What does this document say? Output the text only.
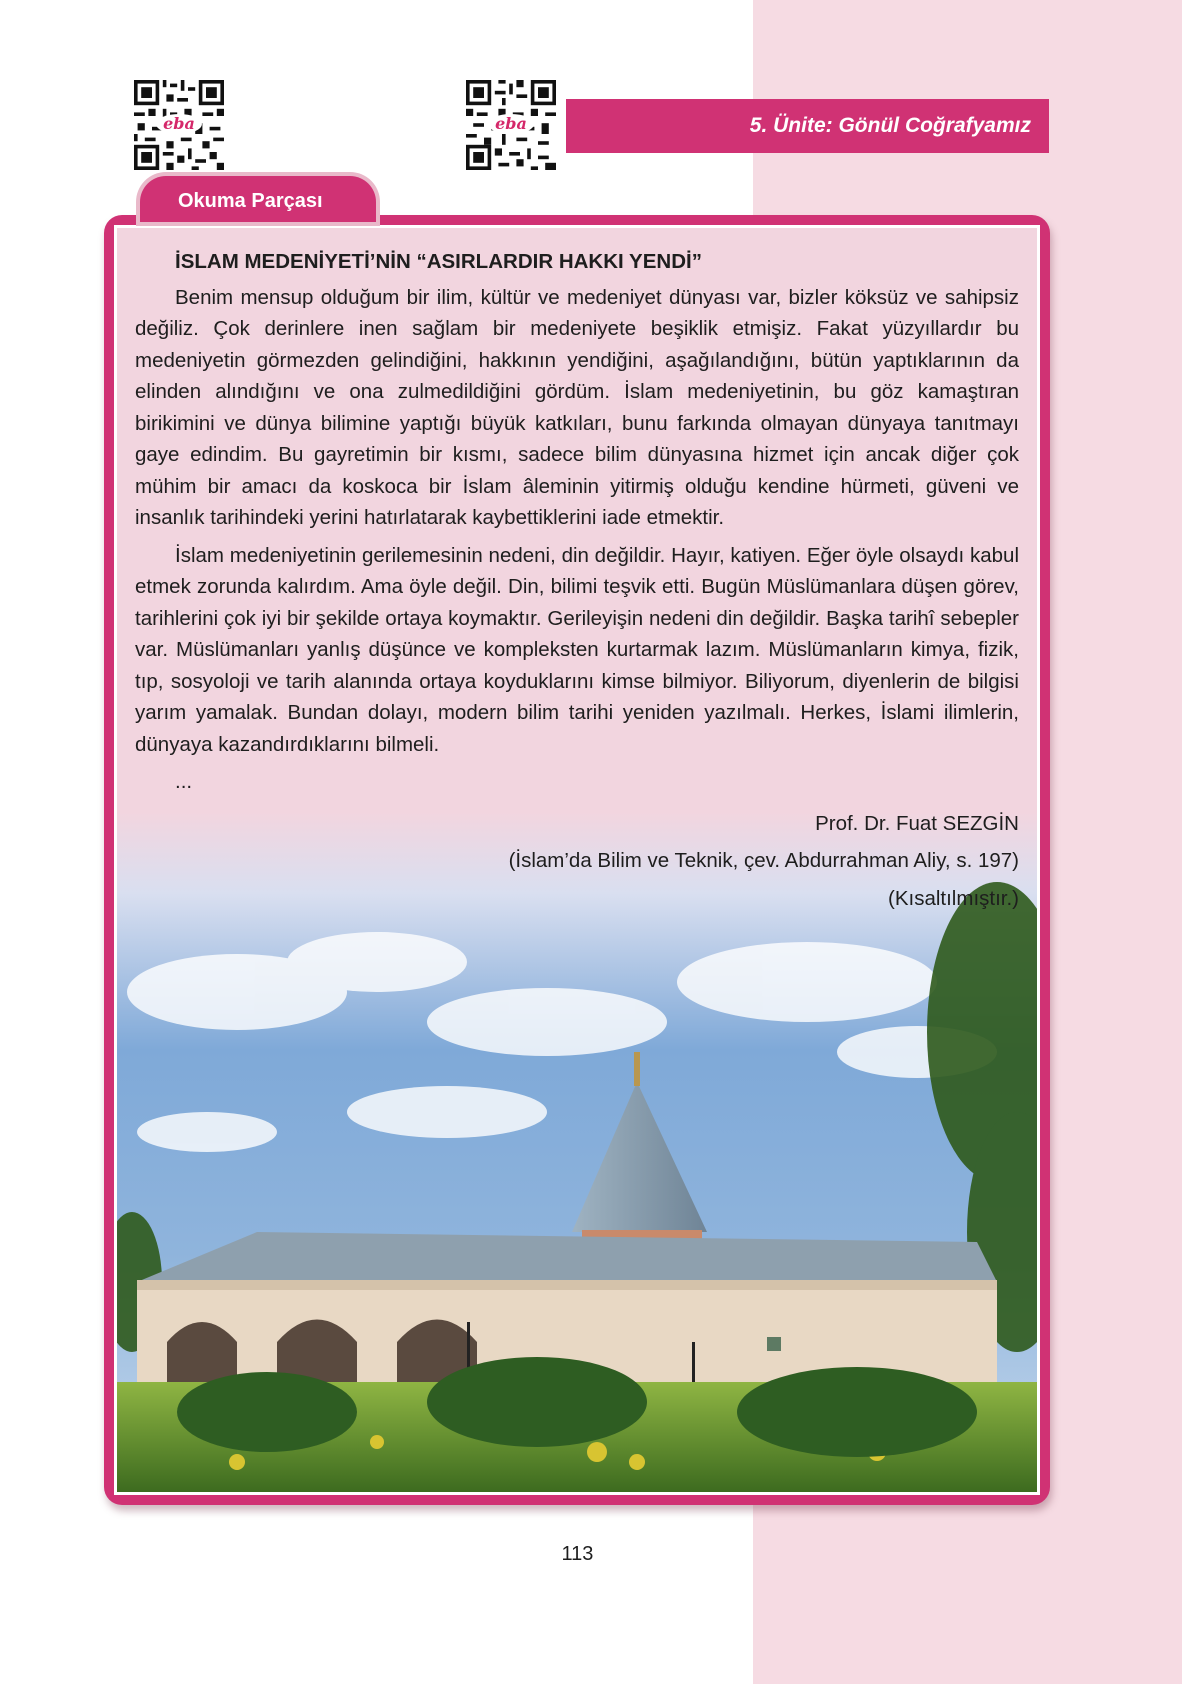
eba	eba	5. Ünite: Gönül Coğrafyamız
İSLAM MEDENİYETİ’NİN “ASIRLARDIR HAKKI YENDİ”

Benim mensup olduğum bir ilim, kültür ve medeniyet dünyası var, bizler köksüz ve sahipsiz değiliz. Çok derinlere inen sağlam bir medeniyete beşiklik etmişiz. Fakat yüzyıllardır bu medeniyetin görmezden gelindiğini, hakkının yendiğini, aşağılandığını, bütün yaptıklarının da elinden alındığını ve ona zulmedildiğini gördüm. İslam medeniyetinin, bu göz kamaştıran birikimini ve dünya bilimine yaptığı büyük katkıları, bunu farkında olmayan dünyaya tanıtmayı gaye edindim. Bu gayretimin bir kısmı, sadece bilim dünyasına hizmet için ancak diğer çok mühim bir amacı da koskoca bir İslam âleminin yitirmiş olduğu kendine hürmeti, güveni ve insanlık tarihindeki yerini hatırlatarak kaybettiklerini iade etmektir.

İslam medeniyetinin gerilemesinin nedeni, din değildir. Hayır, katiyen. Eğer öyle olsaydı kabul etmek zorunda kalırdım. Ama öyle değil. Din, bilimi teşvik etti. Bugün Müslümanlara düşen görev, tarihlerini çok iyi bir şekilde ortaya koymaktır. Gerileyişin nedeni din değildir. Başka tarihî sebepler var. Müslümanları yanlış düşünce ve kompleksten kurtarmak lazım. Müslümanların kimya, fizik, tıp, sosyoloji ve tarih alanında ortaya koyduklarını kimse bilmiyor. Biliyorum, diyenlerin de bilgisi yarım yamalak. Bundan dolayı, modern bilim tarihi yeniden yazılmalı. Herkes, İslami ilimlerin, dünyaya kazandırdıklarını bilmeli.

...
Prof. Dr. Fuat SEZGİN
(İslam’da Bilim ve Teknik, çev. Abdurrahman Aliy, s. 197)
(Kısaltılmıştır.)
Okuma Parçası
113
